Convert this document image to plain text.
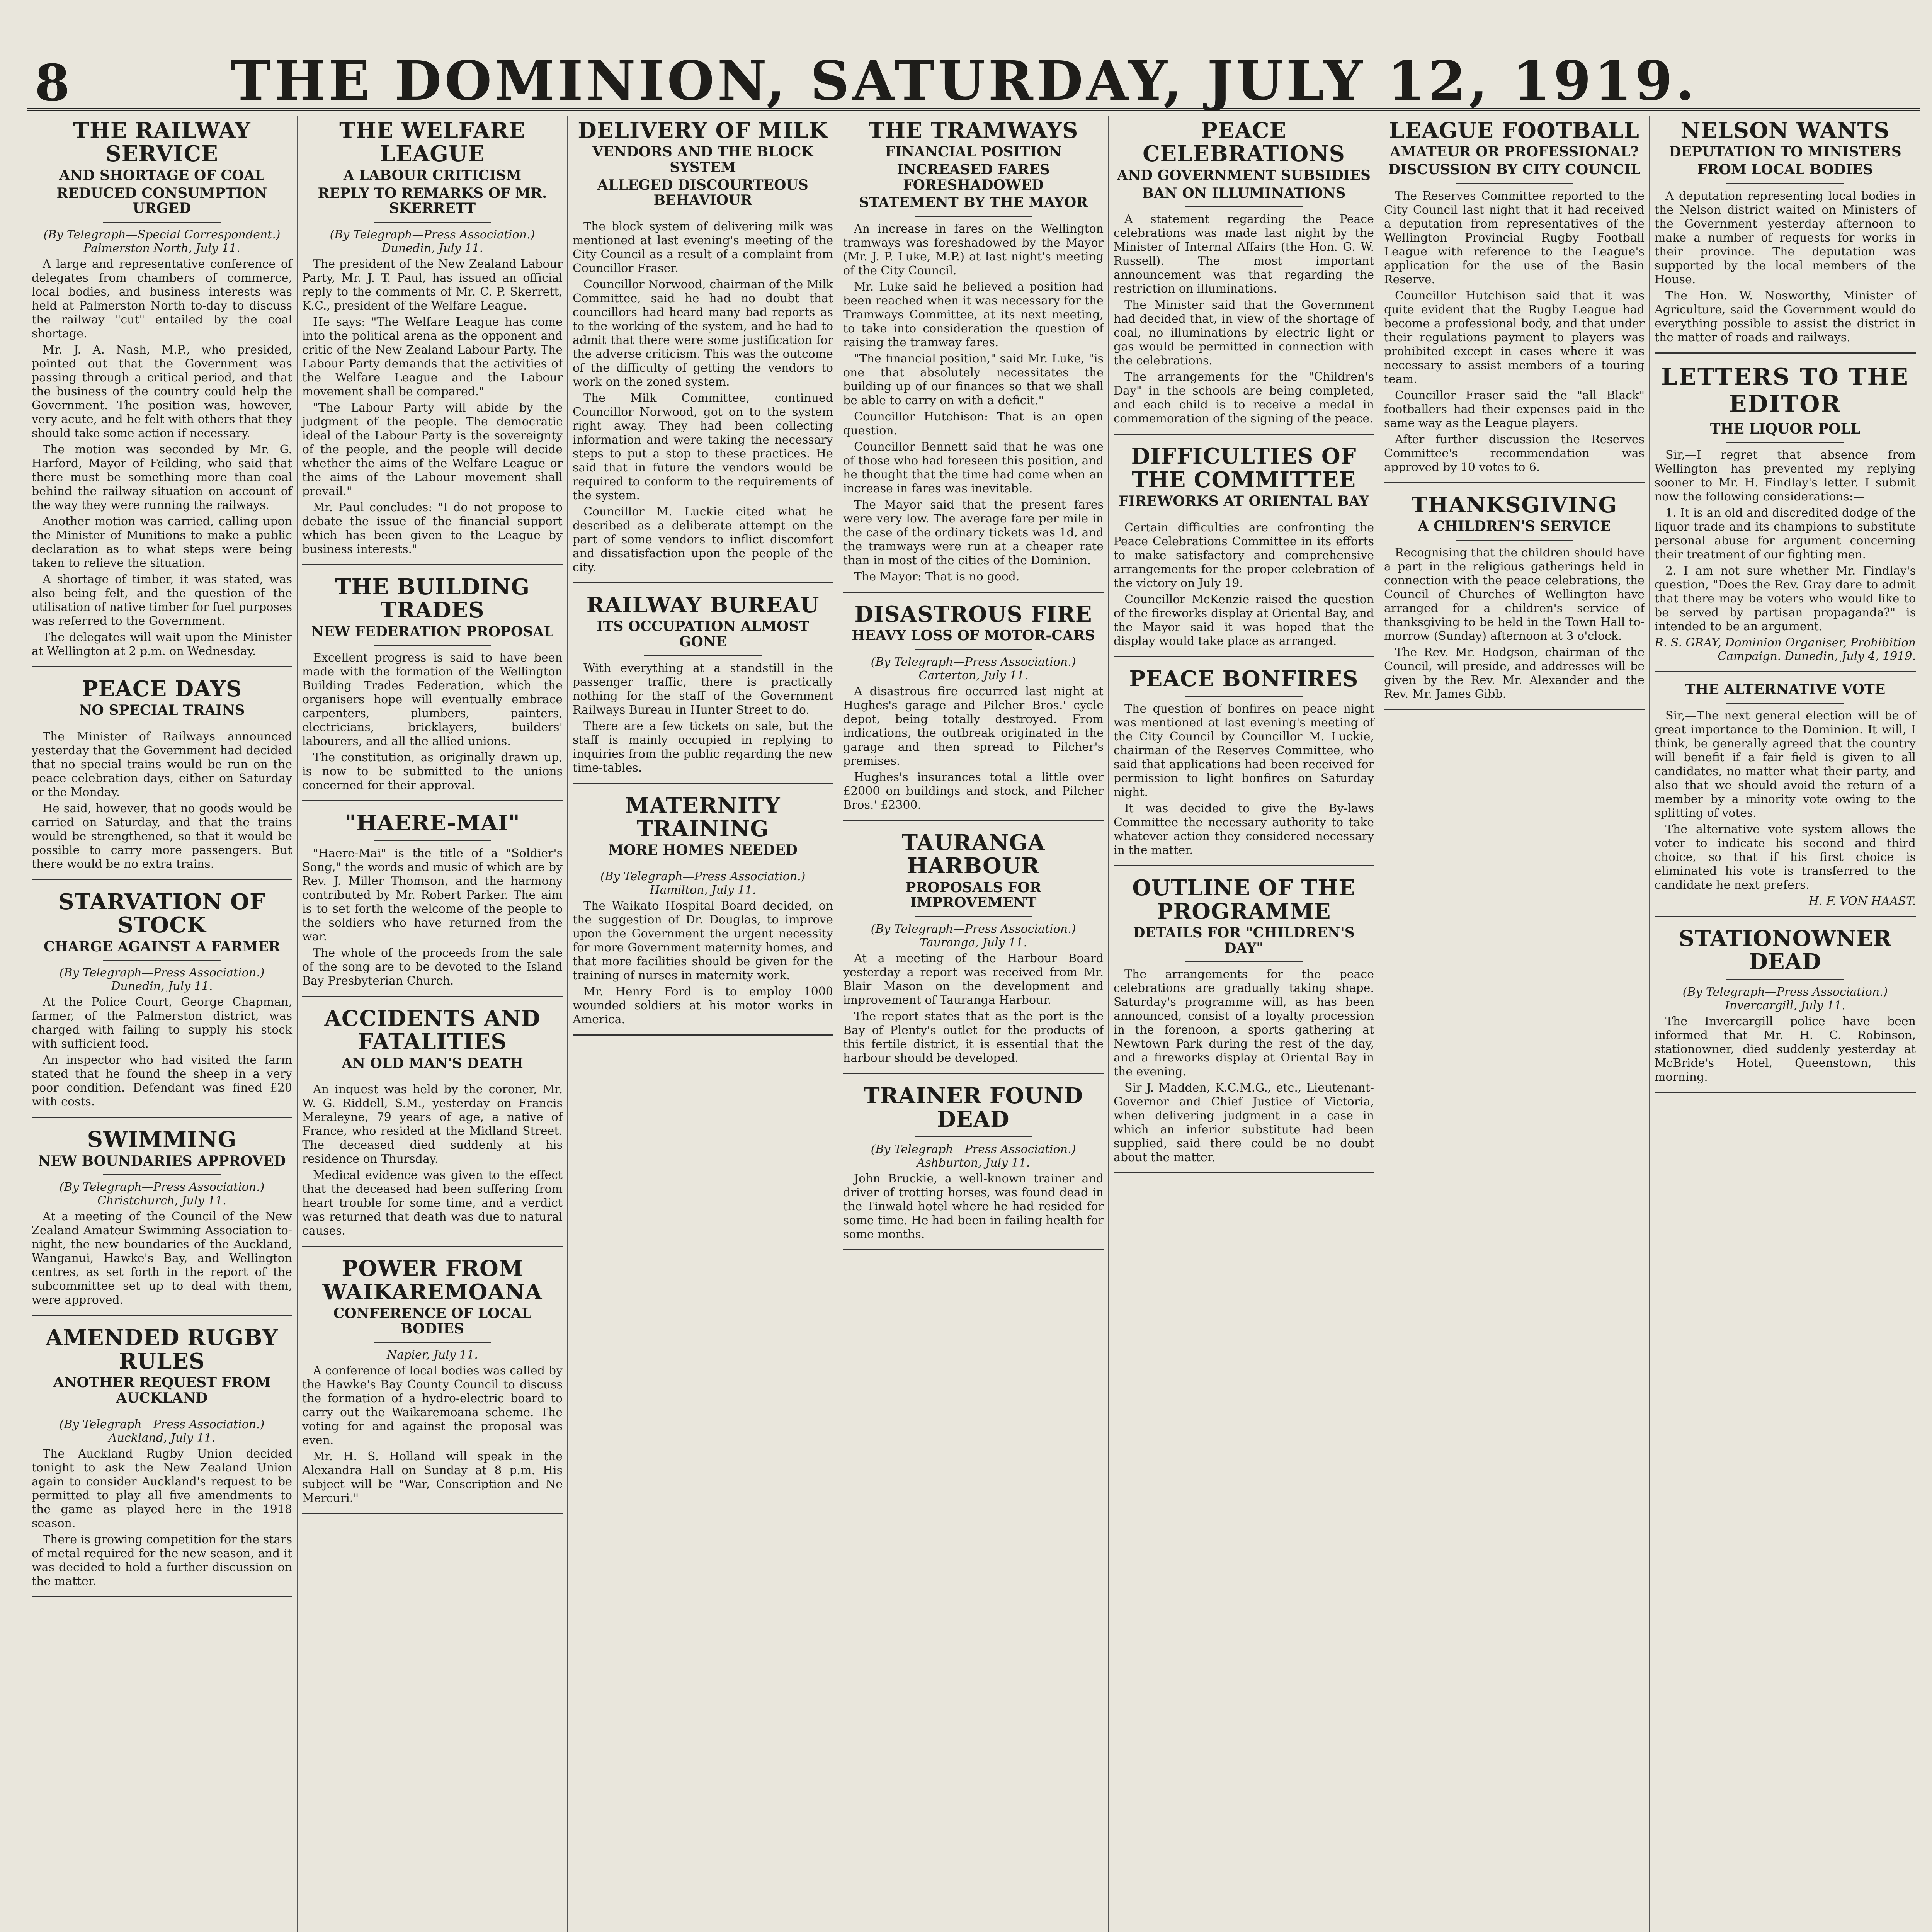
8	THE DOMINION, SATURDAY, JULY 12, 1919.
THE RAILWAY SERVICE
AND SHORTAGE OF COAL
REDUCED CONSUMPTION URGED
(By Telegraph—Special Correspondent.) Palmerston North, July 11.

A large and representative conference of delegates from chambers of commerce, local bodies, and business interests was held at Palmerston North to-day to discuss the railway "cut" entailed by the coal shortage.

Mr. J. A. Nash, M.P., who presided, pointed out that the Government was passing through a critical period, and that the business of the country could help the Government. The position was, however, very acute, and he felt with others that they should take some action if necessary.

The motion was seconded by Mr. G. Harford, Mayor of Feilding, who said that there must be something more than coal behind the railway situation on account of the way they were running the railways.

Another motion was carried, calling upon the Minister of Munitions to make a public declaration as to what steps were being taken to relieve the situation.

A shortage of timber, it was stated, was also being felt, and the question of the utilisation of native timber for fuel purposes was referred to the Government.

The delegates will wait upon the Minister at Wellington at 2 p.m. on Wednesday.

PEACE DAYS
NO SPECIAL TRAINS

The Minister of Railways announced yesterday that the Government had decided that no special trains would be run on the peace celebration days, either on Saturday or the Monday.

He said, however, that no goods would be carried on Saturday, and that the trains would be strengthened, so that it would be possible to carry more passengers. But there would be no extra trains.

STARVATION OF STOCK
CHARGE AGAINST A FARMER
(By Telegraph—Press Association.) Dunedin, July 11.

At the Police Court, George Chapman, farmer, of the Palmerston district, was charged with failing to supply his stock with sufficient food.

An inspector who had visited the farm stated that he found the sheep in a very poor condition. Defendant was fined £20 with costs.

SWIMMING
NEW BOUNDARIES APPROVED
(By Telegraph—Press Association.) Christchurch, July 11.

At a meeting of the Council of the New Zealand Amateur Swimming Association to-night, the new boundaries of the Auckland, Wanganui, Hawke's Bay, and Wellington centres, as set forth in the report of the subcommittee set up to deal with them, were approved.

AMENDED RUGBY RULES
ANOTHER REQUEST FROM AUCKLAND
(By Telegraph—Press Association.) Auckland, July 11.

The Auckland Rugby Union decided tonight to ask the New Zealand Union again to consider Auckland's request to be permitted to play all five amendments to the game as played here in the 1918 season.

There is growing competition for the stars of metal required for the new season, and it was decided to hold a further discussion on the matter.

THE WELFARE LEAGUE
A LABOUR CRITICISM
REPLY TO REMARKS OF MR. SKERRETT
(By Telegraph—Press Association.) Dunedin, July 11.

The president of the New Zealand Labour Party, Mr. J. T. Paul, has issued an official reply to the comments of Mr. C. P. Skerrett, K.C., president of the Welfare League.

He says: "The Welfare League has come into the political arena as the opponent and critic of the New Zealand Labour Party. The Labour Party demands that the activities of the Welfare League and the Labour movement shall be compared."

"The Labour Party will abide by the judgment of the people. The democratic ideal of the Labour Party is the sovereignty of the people, and the people will decide whether the aims of the Welfare League or the aims of the Labour movement shall prevail."

Mr. Paul concludes: "I do not propose to debate the issue of the financial support which has been given to the League by business interests."

THE BUILDING TRADES
NEW FEDERATION PROPOSAL

Excellent progress is said to have been made with the formation of the Wellington Building Trades Federation, which the organisers hope will eventually embrace carpenters, plumbers, painters, electricians, bricklayers, builders' labourers, and all the allied unions.

The constitution, as originally drawn up, is now to be submitted to the unions concerned for their approval.

"HAERE-MAI"

"Haere-Mai" is the title of a "Soldier's Song," the words and music of which are by Rev. J. Miller Thomson, and the harmony contributed by Mr. Robert Parker. The aim is to set forth the welcome of the people to the soldiers who have returned from the war.

The whole of the proceeds from the sale of the song are to be devoted to the Island Bay Presbyterian Church.

ACCIDENTS AND FATALITIES
AN OLD MAN'S DEATH

An inquest was held by the coroner, Mr. W. G. Riddell, S.M., yesterday on Francis Meraleyne, 79 years of age, a native of France, who resided at the Midland Street. The deceased died suddenly at his residence on Thursday.

Medical evidence was given to the effect that the deceased had been suffering from heart trouble for some time, and a verdict was returned that death was due to natural causes.

POWER FROM WAIKAREMOANA
CONFERENCE OF LOCAL BODIES
Napier, July 11.

A conference of local bodies was called by the Hawke's Bay County Council to discuss the formation of a hydro-electric board to carry out the Waikaremoana scheme. The voting for and against the proposal was even.

Mr. H. S. Holland will speak in the Alexandra Hall on Sunday at 8 p.m. His subject will be "War, Conscription and Ne Mercuri."

DELIVERY OF MILK
VENDORS AND THE BLOCK SYSTEM
ALLEGED DISCOURTEOUS BEHAVIOUR

The block system of delivering milk was mentioned at last evening's meeting of the City Council as a result of a complaint from Councillor Fraser.

Councillor Norwood, chairman of the Milk Committee, said he had no doubt that councillors had heard many bad reports as to the working of the system, and he had to admit that there were some justification for the adverse criticism. This was the outcome of the difficulty of getting the vendors to work on the zoned system.

The Milk Committee, continued Councillor Norwood, got on to the system right away. They had been collecting information and were taking the necessary steps to put a stop to these practices. He said that in future the vendors would be required to conform to the requirements of the system.

Councillor M. Luckie cited what he described as a deliberate attempt on the part of some vendors to inflict discomfort and dissatisfaction upon the people of the city.

RAILWAY BUREAU
ITS OCCUPATION ALMOST GONE

With everything at a standstill in the passenger traffic, there is practically nothing for the staff of the Government Railways Bureau in Hunter Street to do.

There are a few tickets on sale, but the staff is mainly occupied in replying to inquiries from the public regarding the new time-tables.

MATERNITY TRAINING
MORE HOMES NEEDED
(By Telegraph—Press Association.) Hamilton, July 11.

The Waikato Hospital Board decided, on the suggestion of Dr. Douglas, to improve upon the Government the urgent necessity for more Government maternity homes, and that more facilities should be given for the training of nurses in maternity work.

Mr. Henry Ford is to employ 1000 wounded soldiers at his motor works in America.

THE TRAMWAYS
FINANCIAL POSITION
INCREASED FARES FORESHADOWED
STATEMENT BY THE MAYOR

An increase in fares on the Wellington tramways was foreshadowed by the Mayor (Mr. J. P. Luke, M.P.) at last night's meeting of the City Council.

Mr. Luke said he believed a position had been reached when it was necessary for the Tramways Committee, at its next meeting, to take into consideration the question of raising the tramway fares.

"The financial position," said Mr. Luke, "is one that absolutely necessitates the building up of our finances so that we shall be able to carry on with a deficit."

Councillor Hutchison: That is an open question.

Councillor Bennett said that he was one of those who had foreseen this position, and he thought that the time had come when an increase in fares was inevitable.

The Mayor said that the present fares were very low. The average fare per mile in the case of the ordinary tickets was 1d, and the tramways were run at a cheaper rate than in most of the cities of the Dominion.

The Mayor: That is no good.

DISASTROUS FIRE
HEAVY LOSS OF MOTOR-CARS
(By Telegraph—Press Association.) Carterton, July 11.

A disastrous fire occurred last night at Hughes's garage and Pilcher Bros.' cycle depot, being totally destroyed. From indications, the outbreak originated in the garage and then spread to Pilcher's premises.

Hughes's insurances total a little over £2000 on buildings and stock, and Pilcher Bros.' £2300.

TAURANGA HARBOUR
PROPOSALS FOR IMPROVEMENT
(By Telegraph—Press Association.) Tauranga, July 11.

At a meeting of the Harbour Board yesterday a report was received from Mr. Blair Mason on the development and improvement of Tauranga Harbour.

The report states that as the port is the Bay of Plenty's outlet for the products of this fertile district, it is essential that the harbour should be developed.

TRAINER FOUND DEAD
(By Telegraph—Press Association.) Ashburton, July 11.

John Bruckie, a well-known trainer and driver of trotting horses, was found dead in the Tinwald hotel where he had resided for some time. He had been in failing health for some months.

PEACE CELEBRATIONS
AND GOVERNMENT SUBSIDIES
BAN ON ILLUMINATIONS

A statement regarding the Peace celebrations was made last night by the Minister of Internal Affairs (the Hon. G. W. Russell). The most important announcement was that regarding the restriction on illuminations.

The Minister said that the Government had decided that, in view of the shortage of coal, no illuminations by electric light or gas would be permitted in connection with the celebrations.

The arrangements for the "Children's Day" in the schools are being completed, and each child is to receive a medal in commemoration of the signing of the peace.

DIFFICULTIES OF THE COMMITTEE
FIREWORKS AT ORIENTAL BAY

Certain difficulties are confronting the Peace Celebrations Committee in its efforts to make satisfactory and comprehensive arrangements for the proper celebration of the victory on July 19.

Councillor McKenzie raised the question of the fireworks display at Oriental Bay, and the Mayor said it was hoped that the display would take place as arranged.

PEACE BONFIRES

The question of bonfires on peace night was mentioned at last evening's meeting of the City Council by Councillor M. Luckie, chairman of the Reserves Committee, who said that applications had been received for permission to light bonfires on Saturday night.

It was decided to give the By-laws Committee the necessary authority to take whatever action they considered necessary in the matter.

OUTLINE OF THE PROGRAMME
DETAILS FOR "CHILDREN'S DAY"

The arrangements for the peace celebrations are gradually taking shape. Saturday's programme will, as has been announced, consist of a loyalty procession in the forenoon, a sports gathering at Newtown Park during the rest of the day, and a fireworks display at Oriental Bay in the evening.

Sir J. Madden, K.C.M.G., etc., Lieutenant-Governor and Chief Justice of Victoria, when delivering judgment in a case in which an inferior substitute had been supplied, said there could be no doubt about the matter.

LEAGUE FOOTBALL
AMATEUR OR PROFESSIONAL?
DISCUSSION BY CITY COUNCIL

The Reserves Committee reported to the City Council last night that it had received a deputation from representatives of the Wellington Provincial Rugby Football League with reference to the League's application for the use of the Basin Reserve.

Councillor Hutchison said that it was quite evident that the Rugby League had become a professional body, and that under their regulations payment to players was prohibited except in cases where it was necessary to assist members of a touring team.

Councillor Fraser said the "all Black" footballers had their expenses paid in the same way as the League players.

After further discussion the Reserves Committee's recommendation was approved by 10 votes to 6.

THANKSGIVING
A CHILDREN'S SERVICE

Recognising that the children should have a part in the religious gatherings held in connection with the peace celebrations, the Council of Churches of Wellington have arranged for a children's service of thanksgiving to be held in the Town Hall to-morrow (Sunday) afternoon at 3 o'clock.

The Rev. Mr. Hodgson, chairman of the Council, will preside, and addresses will be given by the Rev. Mr. Alexander and the Rev. Mr. James Gibb.

NELSON WANTS
DEPUTATION TO MINISTERS
FROM LOCAL BODIES

A deputation representing local bodies in the Nelson district waited on Ministers of the Government yesterday afternoon to make a number of requests for works in their province. The deputation was supported by the local members of the House.

The Hon. W. Nosworthy, Minister of Agriculture, said the Government would do everything possible to assist the district in the matter of roads and railways.

LETTERS TO THE EDITOR
THE LIQUOR POLL

Sir,—I regret that absence from Wellington has prevented my replying sooner to Mr. H. Findlay's letter. I submit now the following considerations:—

1. It is an old and discredited dodge of the liquor trade and its champions to substitute personal abuse for argument concerning their treatment of our fighting men.

2. I am not sure whether Mr. Findlay's question, "Does the Rev. Gray dare to admit that there may be voters who would like to be served by partisan propaganda?" is intended to be an argument.

R. S. GRAY, Dominion Organiser, Prohibition Campaign. Dunedin, July 4, 1919.
THE ALTERNATIVE VOTE

Sir,—The next general election will be of great importance to the Dominion. It will, I think, be generally agreed that the country will benefit if a fair field is given to all candidates, no matter what their party, and also that we should avoid the return of a member by a minority vote owing to the splitting of votes.

The alternative vote system allows the voter to indicate his second and third choice, so that if his first choice is eliminated his vote is transferred to the candidate he next prefers.

H. F. VON HAAST.
STATIONOWNER DEAD
(By Telegraph—Press Association.) Invercargill, July 11.

The Invercargill police have been informed that Mr. H. C. Robinson, stationowner, died suddenly yesterday at McBride's Hotel, Queenstown, this morning.
